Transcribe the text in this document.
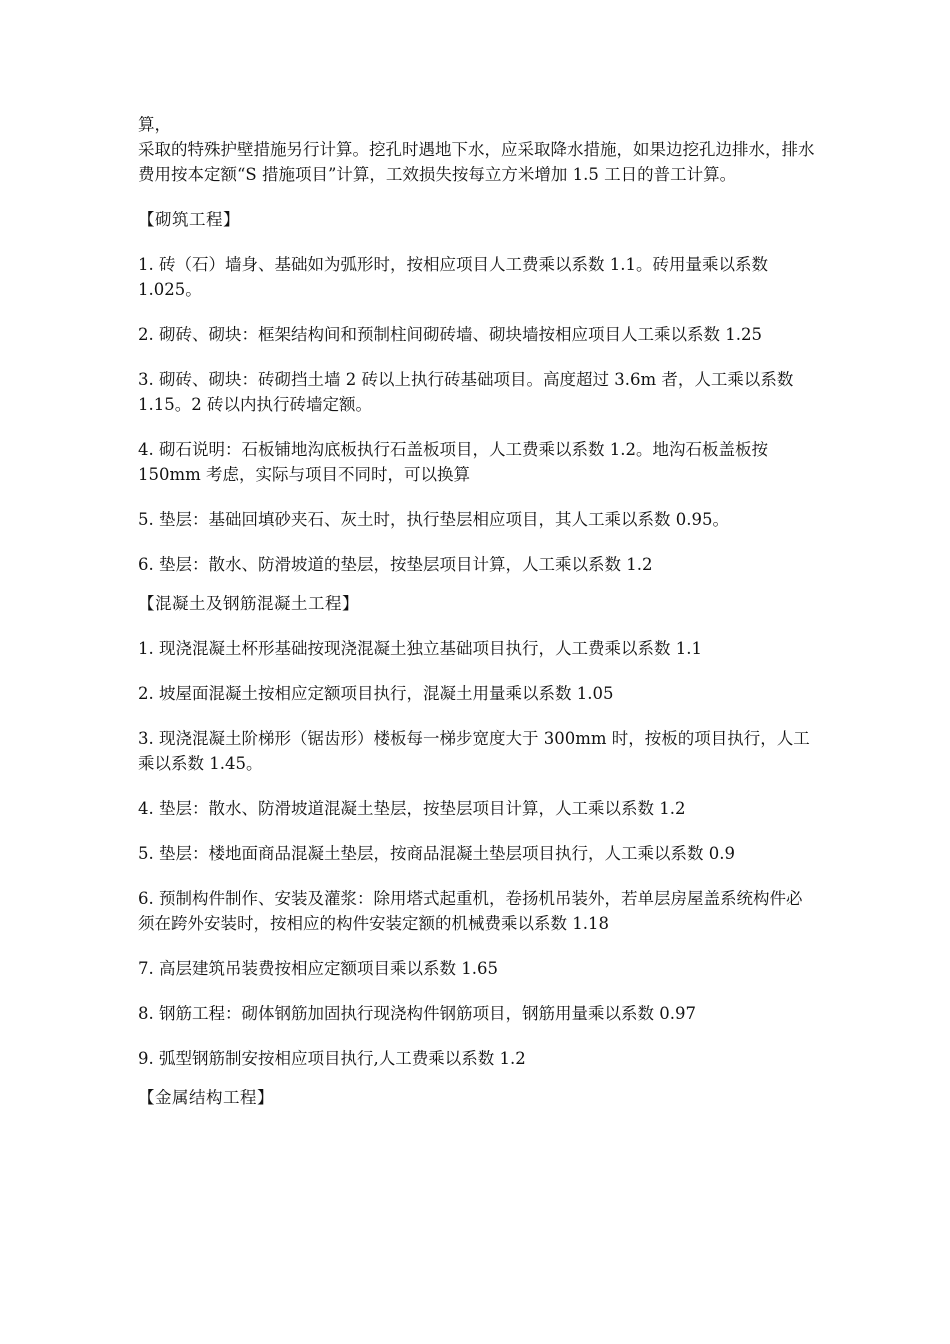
算，

采取的特殊护壁措施另行计算。挖孔时遇地下水，应采取降水措施，如果边挖孔边排水，排水费用按本定额“S 措施项目”计算，工效损失按每立方米增加 1.5 工日的普工计算。

【砌筑工程】

1. 砖（石）墙身、基础如为弧形时，按相应项目人工费乘以系数 1.1。砖用量乘以系数 1.025。

2. 砌砖、砌块：框架结构间和预制柱间砌砖墙、砌块墙按相应项目人工乘以系数 1.25

3. 砌砖、砌块：砖砌挡土墙 2 砖以上执行砖基础项目。高度超过 3.6m 者，人工乘以系数 1.15。2 砖以内执行砖墙定额。

4. 砌石说明：石板铺地沟底板执行石盖板项目，人工费乘以系数 1.2。地沟石板盖板按 150mm 考虑，实际与项目不同时，可以换算

5. 垫层：基础回填砂夹石、灰土时，执行垫层相应项目，其人工乘以系数 0.95。

6. 垫层：散水、防滑坡道的垫层，按垫层项目计算，人工乘以系数 1.2

【混凝土及钢筋混凝土工程】

1. 现浇混凝土杯形基础按现浇混凝土独立基础项目执行，人工费乘以系数 1.1

2. 坡屋面混凝土按相应定额项目执行，混凝土用量乘以系数 1.05

3. 现浇混凝土阶梯形（锯齿形）楼板每一梯步宽度大于 300mm 时，按板的项目执行，人工乘以系数 1.45。

4. 垫层：散水、防滑坡道混凝土垫层，按垫层项目计算，人工乘以系数 1.2

5. 垫层：楼地面商品混凝土垫层，按商品混凝土垫层项目执行，人工乘以系数 0.9

6. 预制构件制作、安装及灌浆：除用塔式起重机，卷扬机吊装外，若单层房屋盖系统构件必须在跨外安装时，按相应的构件安装定额的机械费乘以系数 1.18

7. 高层建筑吊装费按相应定额项目乘以系数 1.65

8. 钢筋工程：砌体钢筋加固执行现浇构件钢筋项目，钢筋用量乘以系数 0.97

9. 弧型钢筋制安按相应项目执行,人工费乘以系数 1.2

【金属结构工程】
